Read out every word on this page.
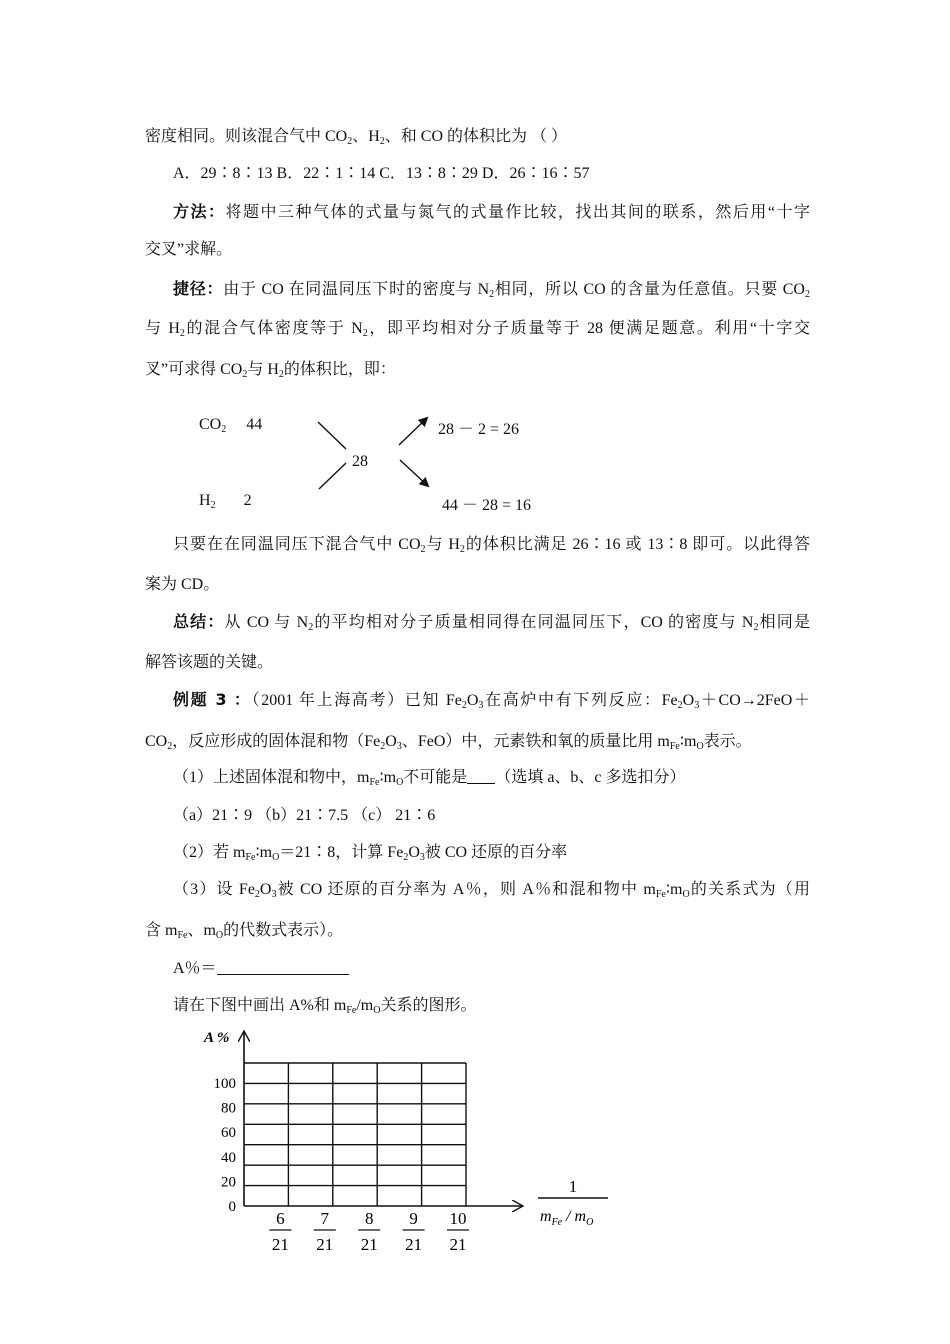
密度相同。则该混合气中 $CO_2$、$H_2$、和 CO 的体积比为 （ ）
A．29∶8∶13 B．22∶1∶14 C．13∶8∶29 D．26∶16∶57
方法：将题中三种气体的式量与氮气的式量作比较，找出其间的联系，然后用“十字
交叉”求解。
捷径：由于 CO 在同温同压下时的密度与 $N_2$相同，所以 CO 的含量为任意值。只要 $CO_2$
与 $H_2$的混合气体密度等于 $N_2$，即平均相对分子质量等于 28 便满足题意。利用“十字交
叉”可求得 $CO_2$与 $H_2$的体积比，即：
$CO_2$ 44
$H_2$ 2
28
28 － 2 = 26
44 － 28 = 16
只要在在同温同压下混合气中 $CO_2$与 $H_2$的体积比满足 26∶16 或 13∶8 即可。以此得答
案为 CD。
总结：从 CO 与 $N_2$的平均相对分子质量相同得在同温同压下，CO 的密度与 $N_2$相同是
解答该题的关键。
例题 3 ：（2001 年上海高考）已知 $Fe_2O_3$在高炉中有下列反应：$Fe_2O_3+CO\to 2FeO+$
$CO_2$，反应形成的固体混和物（$Fe_2O_3$、FeO）中，元素铁和氧的质量比用 $m_{Fe}∶m_O$表示。
（1）上述固体混和物中，$m_{Fe}∶m_O$不可能是 （选填 a、b、c 多选扣分）
（a）21∶9 （b）21∶7.5 （c） 21∶6
（2）若 $m_{Fe}∶m_O=21∶8$，计算 $Fe_2O_3$被 CO 还原的百分率
（3）设 $Fe_2O_3$被 CO 还原的百分率为 A％，则 A％和混和物中 $m_{Fe}∶m_O$的关系式为（用
含 $m_{Fe}$、$m_O$的代数式表示）。
A％＝
请在下图中画出 A%和 $m_{Fe}/m_O$关系的图形。
A %
0
20
40
60
80
100
6
21
7
21
8
21
9
21
10
21
1
$m_{Fe} / m_O$
